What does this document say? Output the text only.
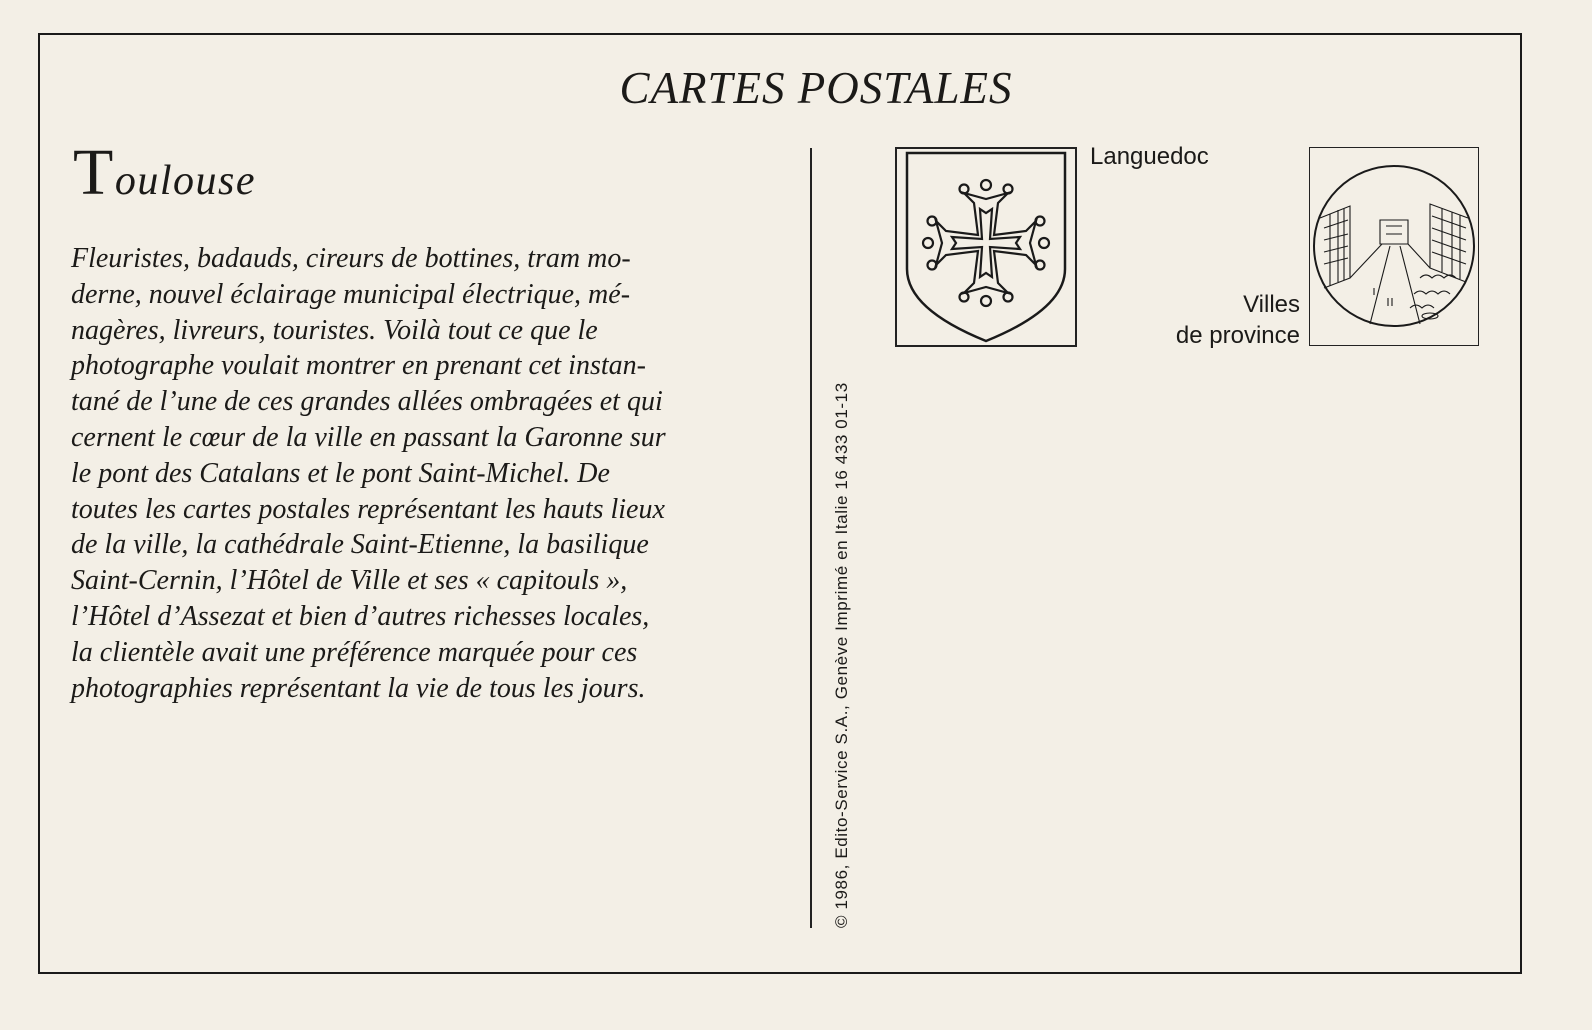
CARTES POSTALES
Toulouse
Fleuristes, badauds, cireurs de bottines, tram mo-
derne, nouvel éclairage municipal électrique, mé-
nagères, livreurs, touristes. Voilà tout ce que le
photographe voulait montrer en prenant cet instan-
tané de l’une de ces grandes allées ombragées et qui
cernent le cœur de la ville en passant la Garonne sur
le pont des Catalans et le pont Saint-Michel. De
toutes les cartes postales représentant les hauts lieux
de la ville, la cathédrale Saint-Etienne, la basilique
Saint-Cernin, l’Hôtel de Ville et ses « capitouls »,
l’Hôtel d’Assezat et bien d’autres richesses locales,
la clientèle avait une préférence marquée pour ces
photographies représentant la vie de tous les jours.	© 1986, Edito-Service S.A., Genève Imprimé en Italie 16 433 01-13
Languedoc
Villes
de province
